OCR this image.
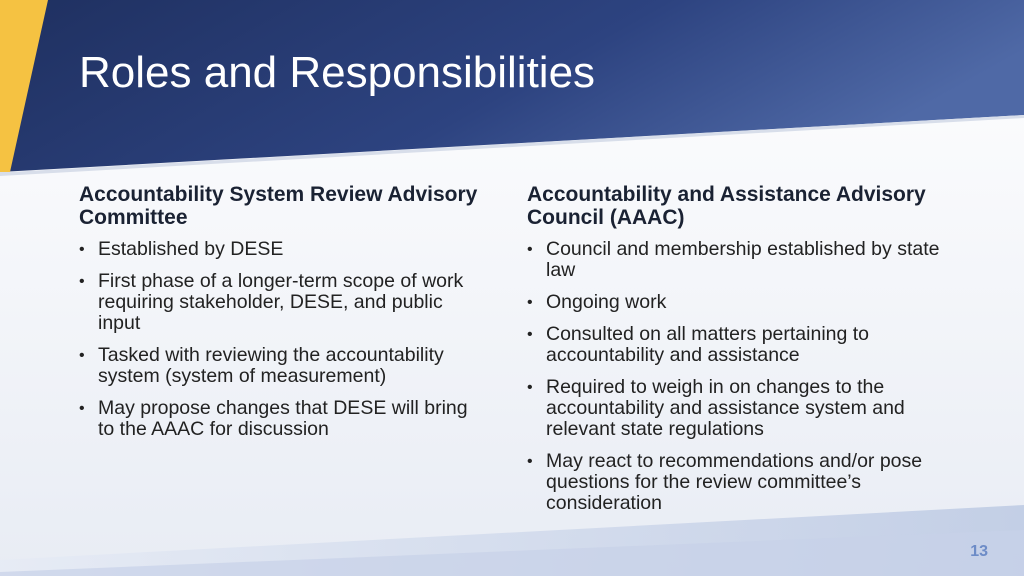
Roles and Responsibilities
Accountability System Review Advisory Committee
• Established by DESE
• First phase of a longer-term scope of work requiring stakeholder, DESE, and public input
• Tasked with reviewing the accountability system (system of measurement)
• May propose changes that DESE will bring to the AAAC for discussion
Accountability and Assistance Advisory Council (AAAC)
• Council and membership established by state law
• Ongoing work
• Consulted on all matters pertaining to accountability and assistance
• Required to weigh in on changes to the accountability and assistance system and relevant state regulations
• May react to recommendations and/or pose questions for the review committee’s consideration
13
